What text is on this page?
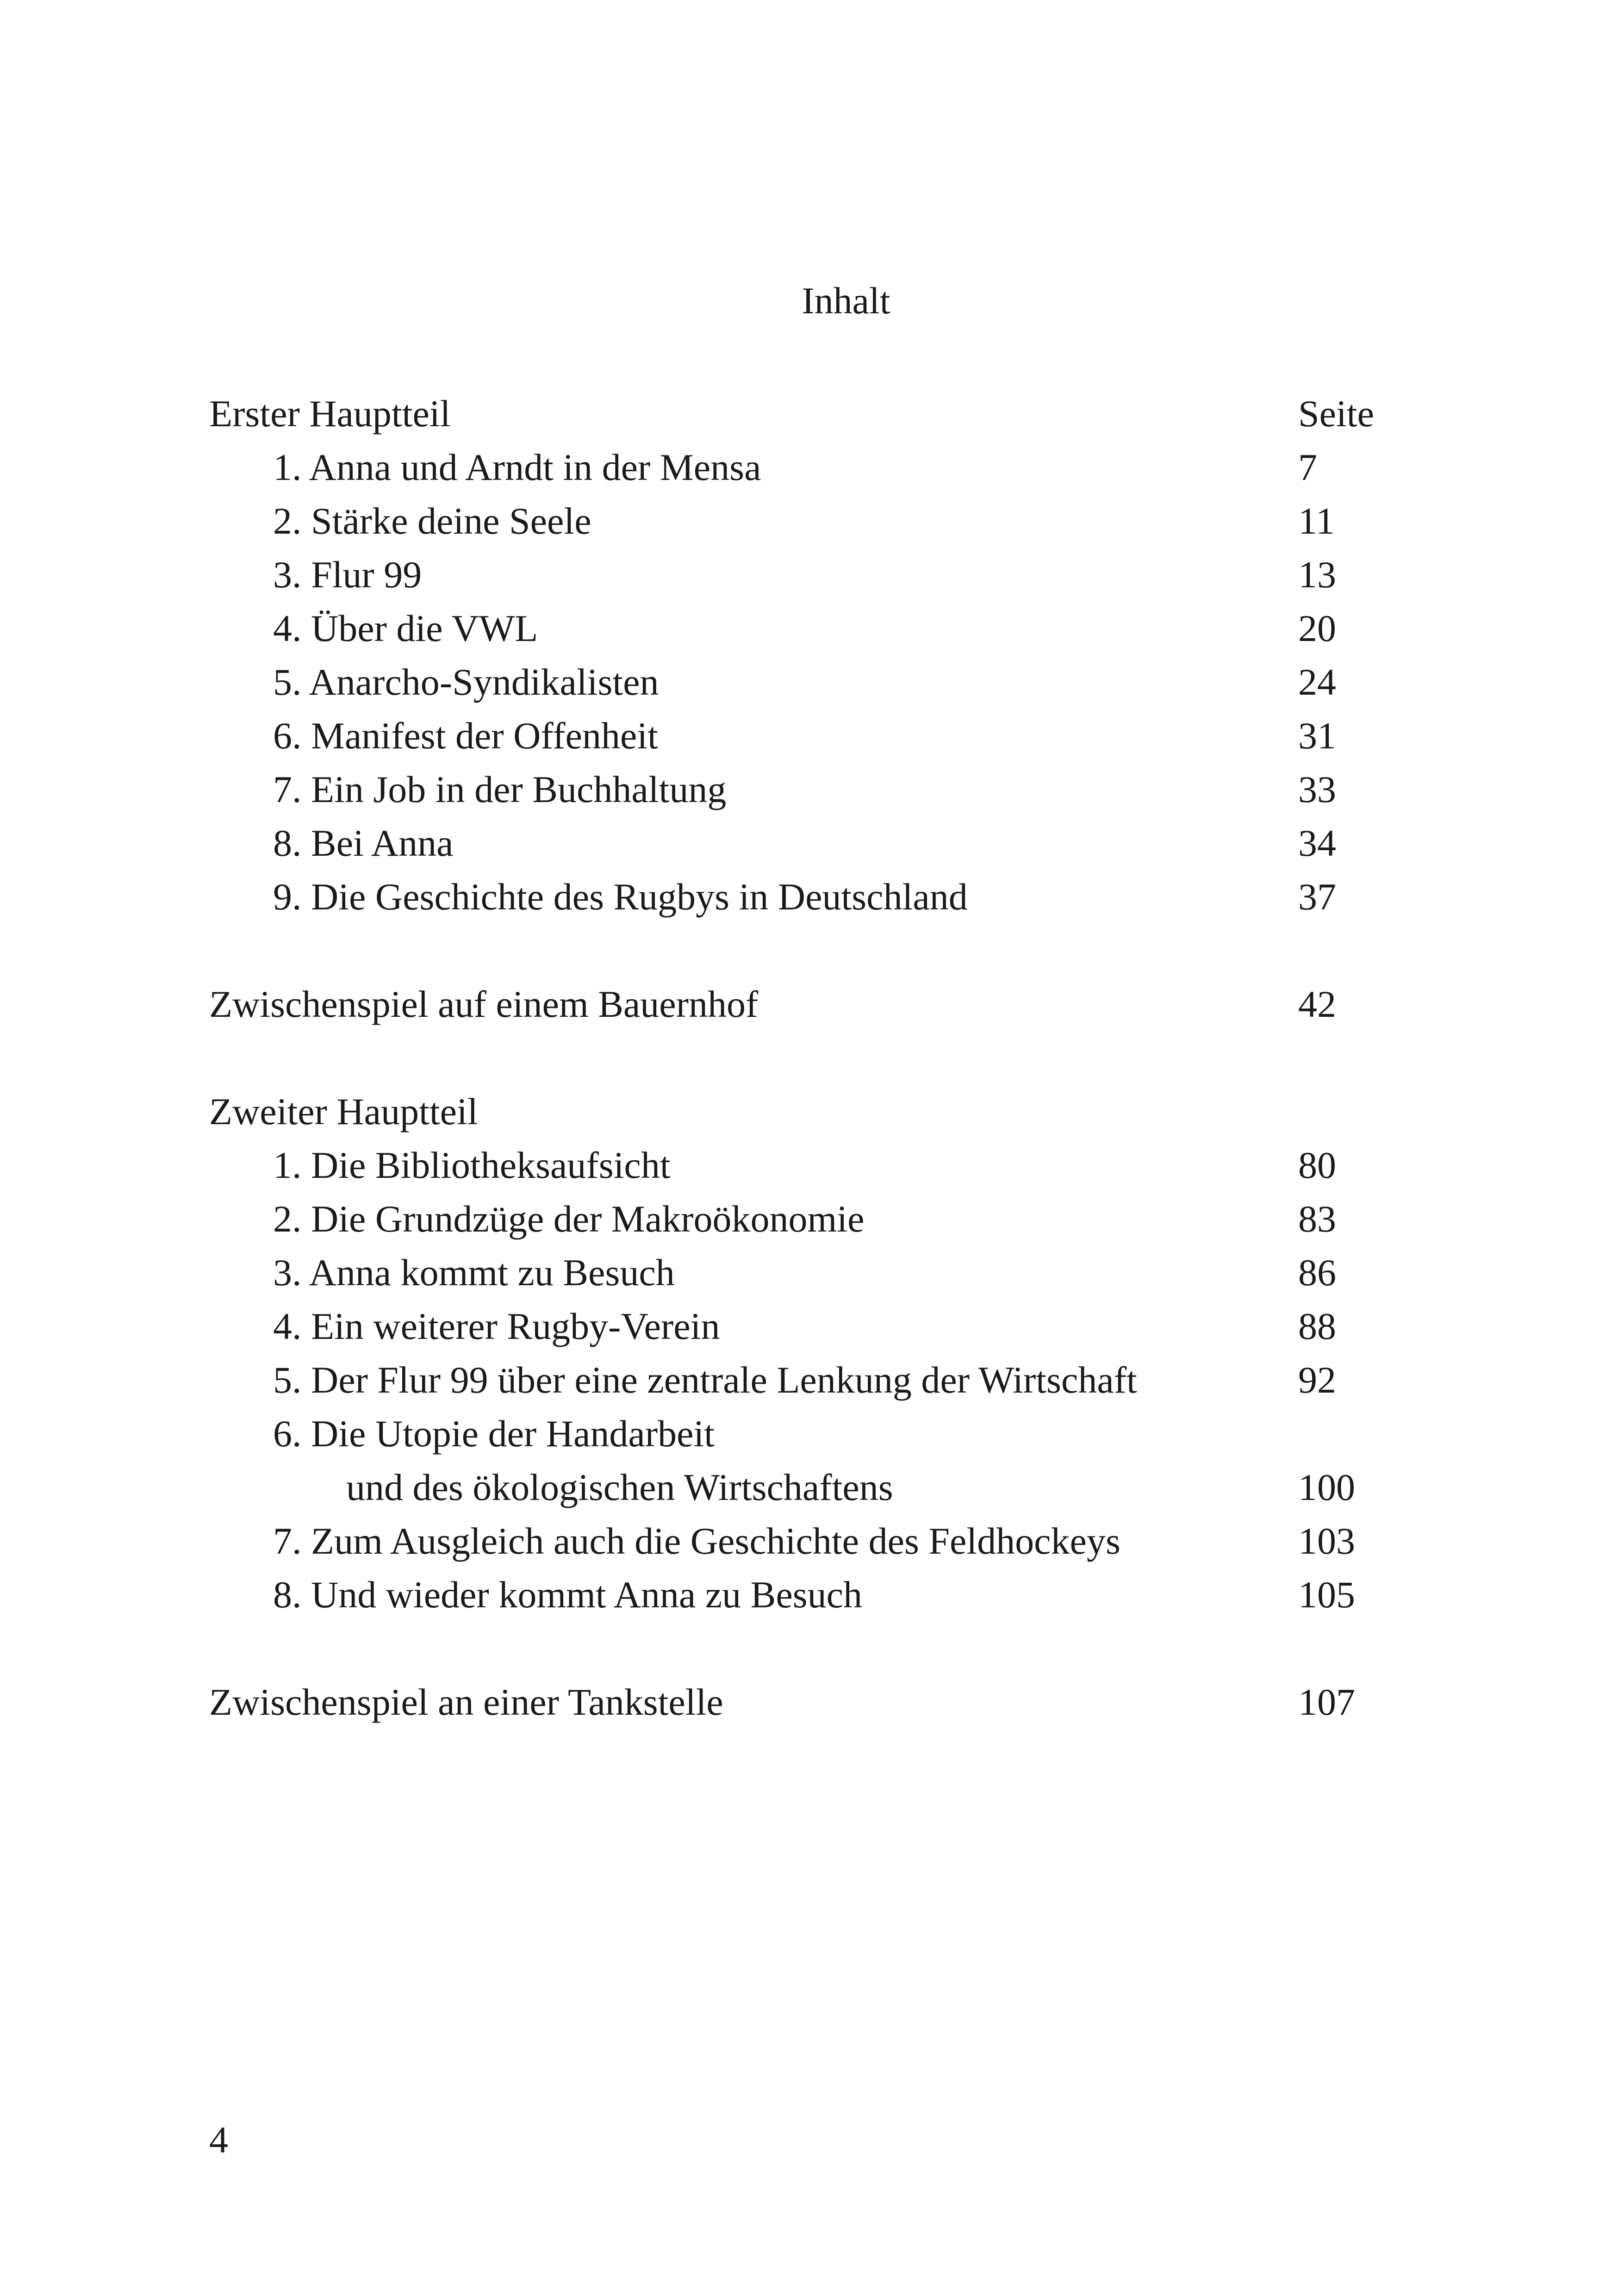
Inhalt
Erster Hauptteil	Seite
1. Anna und Arndt in der Mensa	7
2. Stärke deine Seele	11
3. Flur 99	13
4. Über die VWL	20
5. Anarcho-Syndikalisten	24
6. Manifest der Offenheit	31
7. Ein Job in der Buchhaltung	33
8. Bei Anna	34
9. Die Geschichte des Rugbys in Deutschland	37
Zwischenspiel auf einem Bauernhof	42
Zweiter Hauptteil
1. Die Bibliotheksaufsicht	80
2. Die Grundzüge der Makroökonomie	83
3. Anna kommt zu Besuch	86
4. Ein weiterer Rugby-Verein	88
5. Der Flur 99 über eine zentrale Lenkung der Wirtschaft	92
6. Die Utopie der Handarbeit
und des ökologischen Wirtschaftens	100
7. Zum Ausgleich auch die Geschichte des Feldhockeys	103
8. Und wieder kommt Anna zu Besuch	105
Zwischenspiel an einer Tankstelle	107
4
